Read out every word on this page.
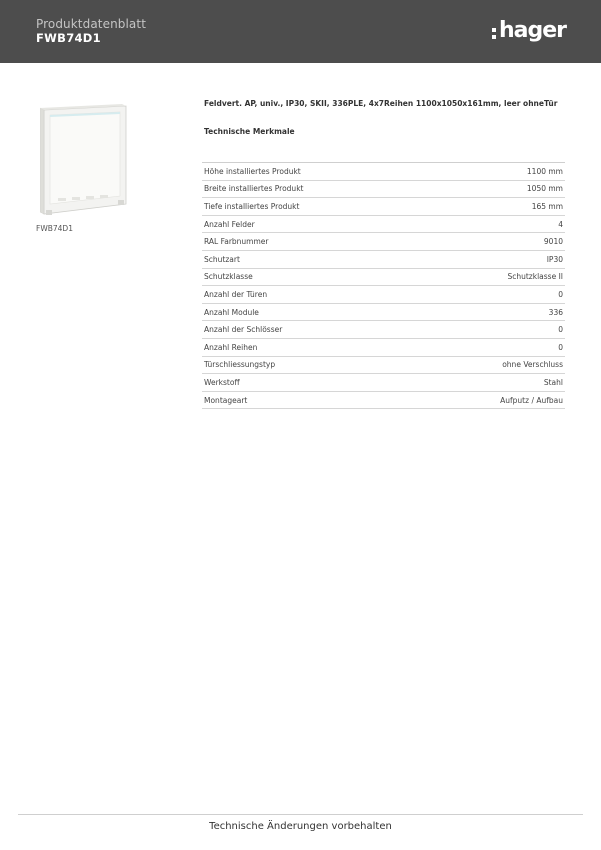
Produktdatenblatt
FWB74D1	hager
FWB74D1
Feldvert. AP, univ., IP30, SKII, 336PLE, 4x7Reihen 1100x1050x161mm, leer ohneTür
Technische Merkmale
Höhe installiertes Produkt	1100 mm
Breite installiertes Produkt	1050 mm
Tiefe installiertes Produkt	165 mm
Anzahl Felder	4
RAL Farbnummer	9010
Schutzart	IP30
Schutzklasse	Schutzklasse II
Anzahl der Türen	0
Anzahl Module	336
Anzahl der Schlösser	0
Anzahl Reihen	0
Türschliessungstyp	ohne Verschluss
Werkstoff	Stahl
Montageart	Aufputz / Aufbau
Technische Änderungen vorbehalten
